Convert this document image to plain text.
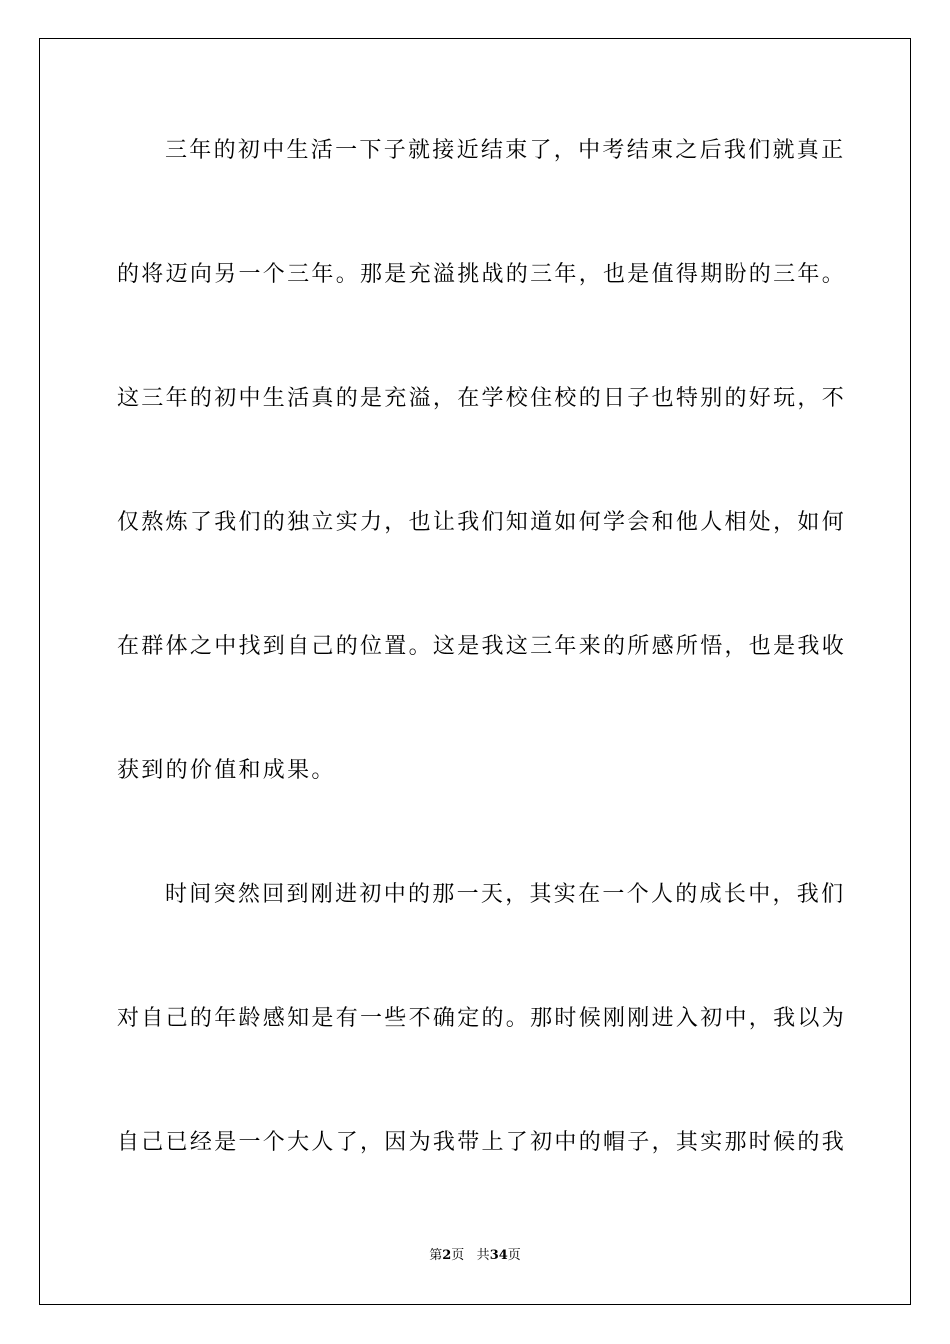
三年的初中生活一下子就接近结束了，中考结束之后我们就真正
的将迈向另一个三年。那是充溢挑战的三年，也是值得期盼的三年。
这三年的初中生活真的是充溢，在学校住校的日子也特别的好玩，不
仅熬炼了我们的独立实力，也让我们知道如何学会和他人相处，如何
在群体之中找到自己的位置。这是我这三年来的所感所悟，也是我收
获到的价值和成果。
时间突然回到刚进初中的那一天，其实在一个人的成长中，我们
对自己的年龄感知是有一些不确定的。那时候刚刚进入初中，我以为
自己已经是一个大人了，因为我带上了初中的帽子，其实那时候的我
第2页 共34页
